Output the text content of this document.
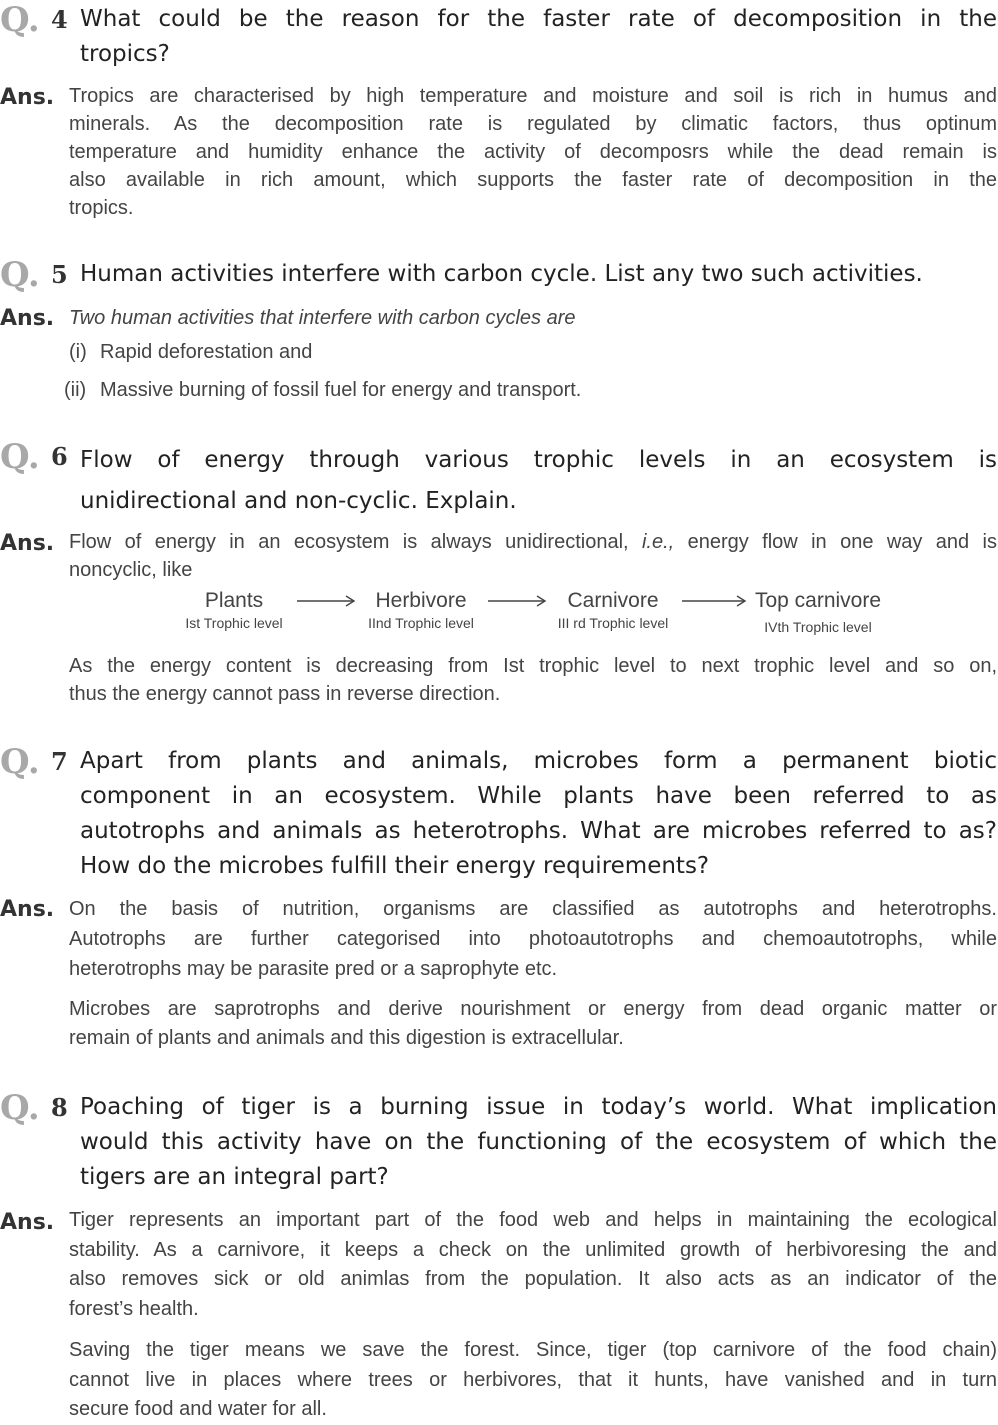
Q. 4 What could be the reason for the faster rate of decomposition in the
tropics?
Ans. Tropics are characterised by high temperature and moisture and soil is rich in humus and
minerals. As the decomposition rate is regulated by climatic factors, thus optinum
temperature and humidity enhance the activity of decomposrs while the dead remain is
also available in rich amount, which supports the faster rate of decomposition in the
tropics.
Q. 5 Human activities interfere with carbon cycle. List any two such activities.
Ans. Two human activities that interfere with carbon cycles are
(i) Rapid deforestation and
(ii) Massive burning of fossil fuel for energy and transport.
Q. 6 Flow of energy through various trophic levels in an ecosystem is
unidirectional and non-cyclic. Explain.
Ans. Flow of energy in an ecosystem is always unidirectional, i.e., energy flow in one way and is
noncyclic, like
Plants
Ist Trophic level
Herbivore
IInd Trophic level
Carnivore
III rd Trophic level
Top carnivore
IVth Trophic level
As the energy content is decreasing from Ist trophic level to next trophic level and so on,
thus the energy cannot pass in reverse direction.
Q. 7 Apart from plants and animals, microbes form a permanent biotic
component in an ecosystem. While plants have been referred to as
autotrophs and animals as heterotrophs. What are microbes referred to as?
How do the microbes fulfill their energy requirements?
Ans. On the basis of nutrition, organisms are classified as autotrophs and heterotrophs.
Autotrophs are further categorised into photoautotrophs and chemoautotrophs, while
heterotrophs may be parasite pred or a saprophyte etc.
Microbes are saprotrophs and derive nourishment or energy from dead organic matter or
remain of plants and animals and this digestion is extracellular.
Q. 8 Poaching of tiger is a burning issue in today’s world. What implication
would this activity have on the functioning of the ecosystem of which the
tigers are an integral part?
Ans. Tiger represents an important part of the food web and helps in maintaining the ecological
stability. As a carnivore, it keeps a check on the unlimited growth of herbivoresing the and
also removes sick or old animlas from the population. It also acts as an indicator of the
forest’s health.
Saving the tiger means we save the forest. Since, tiger (top carnivore of the food chain)
cannot live in places where trees or herbivores, that it hunts, have vanished and in turn
secure food and water for all.
